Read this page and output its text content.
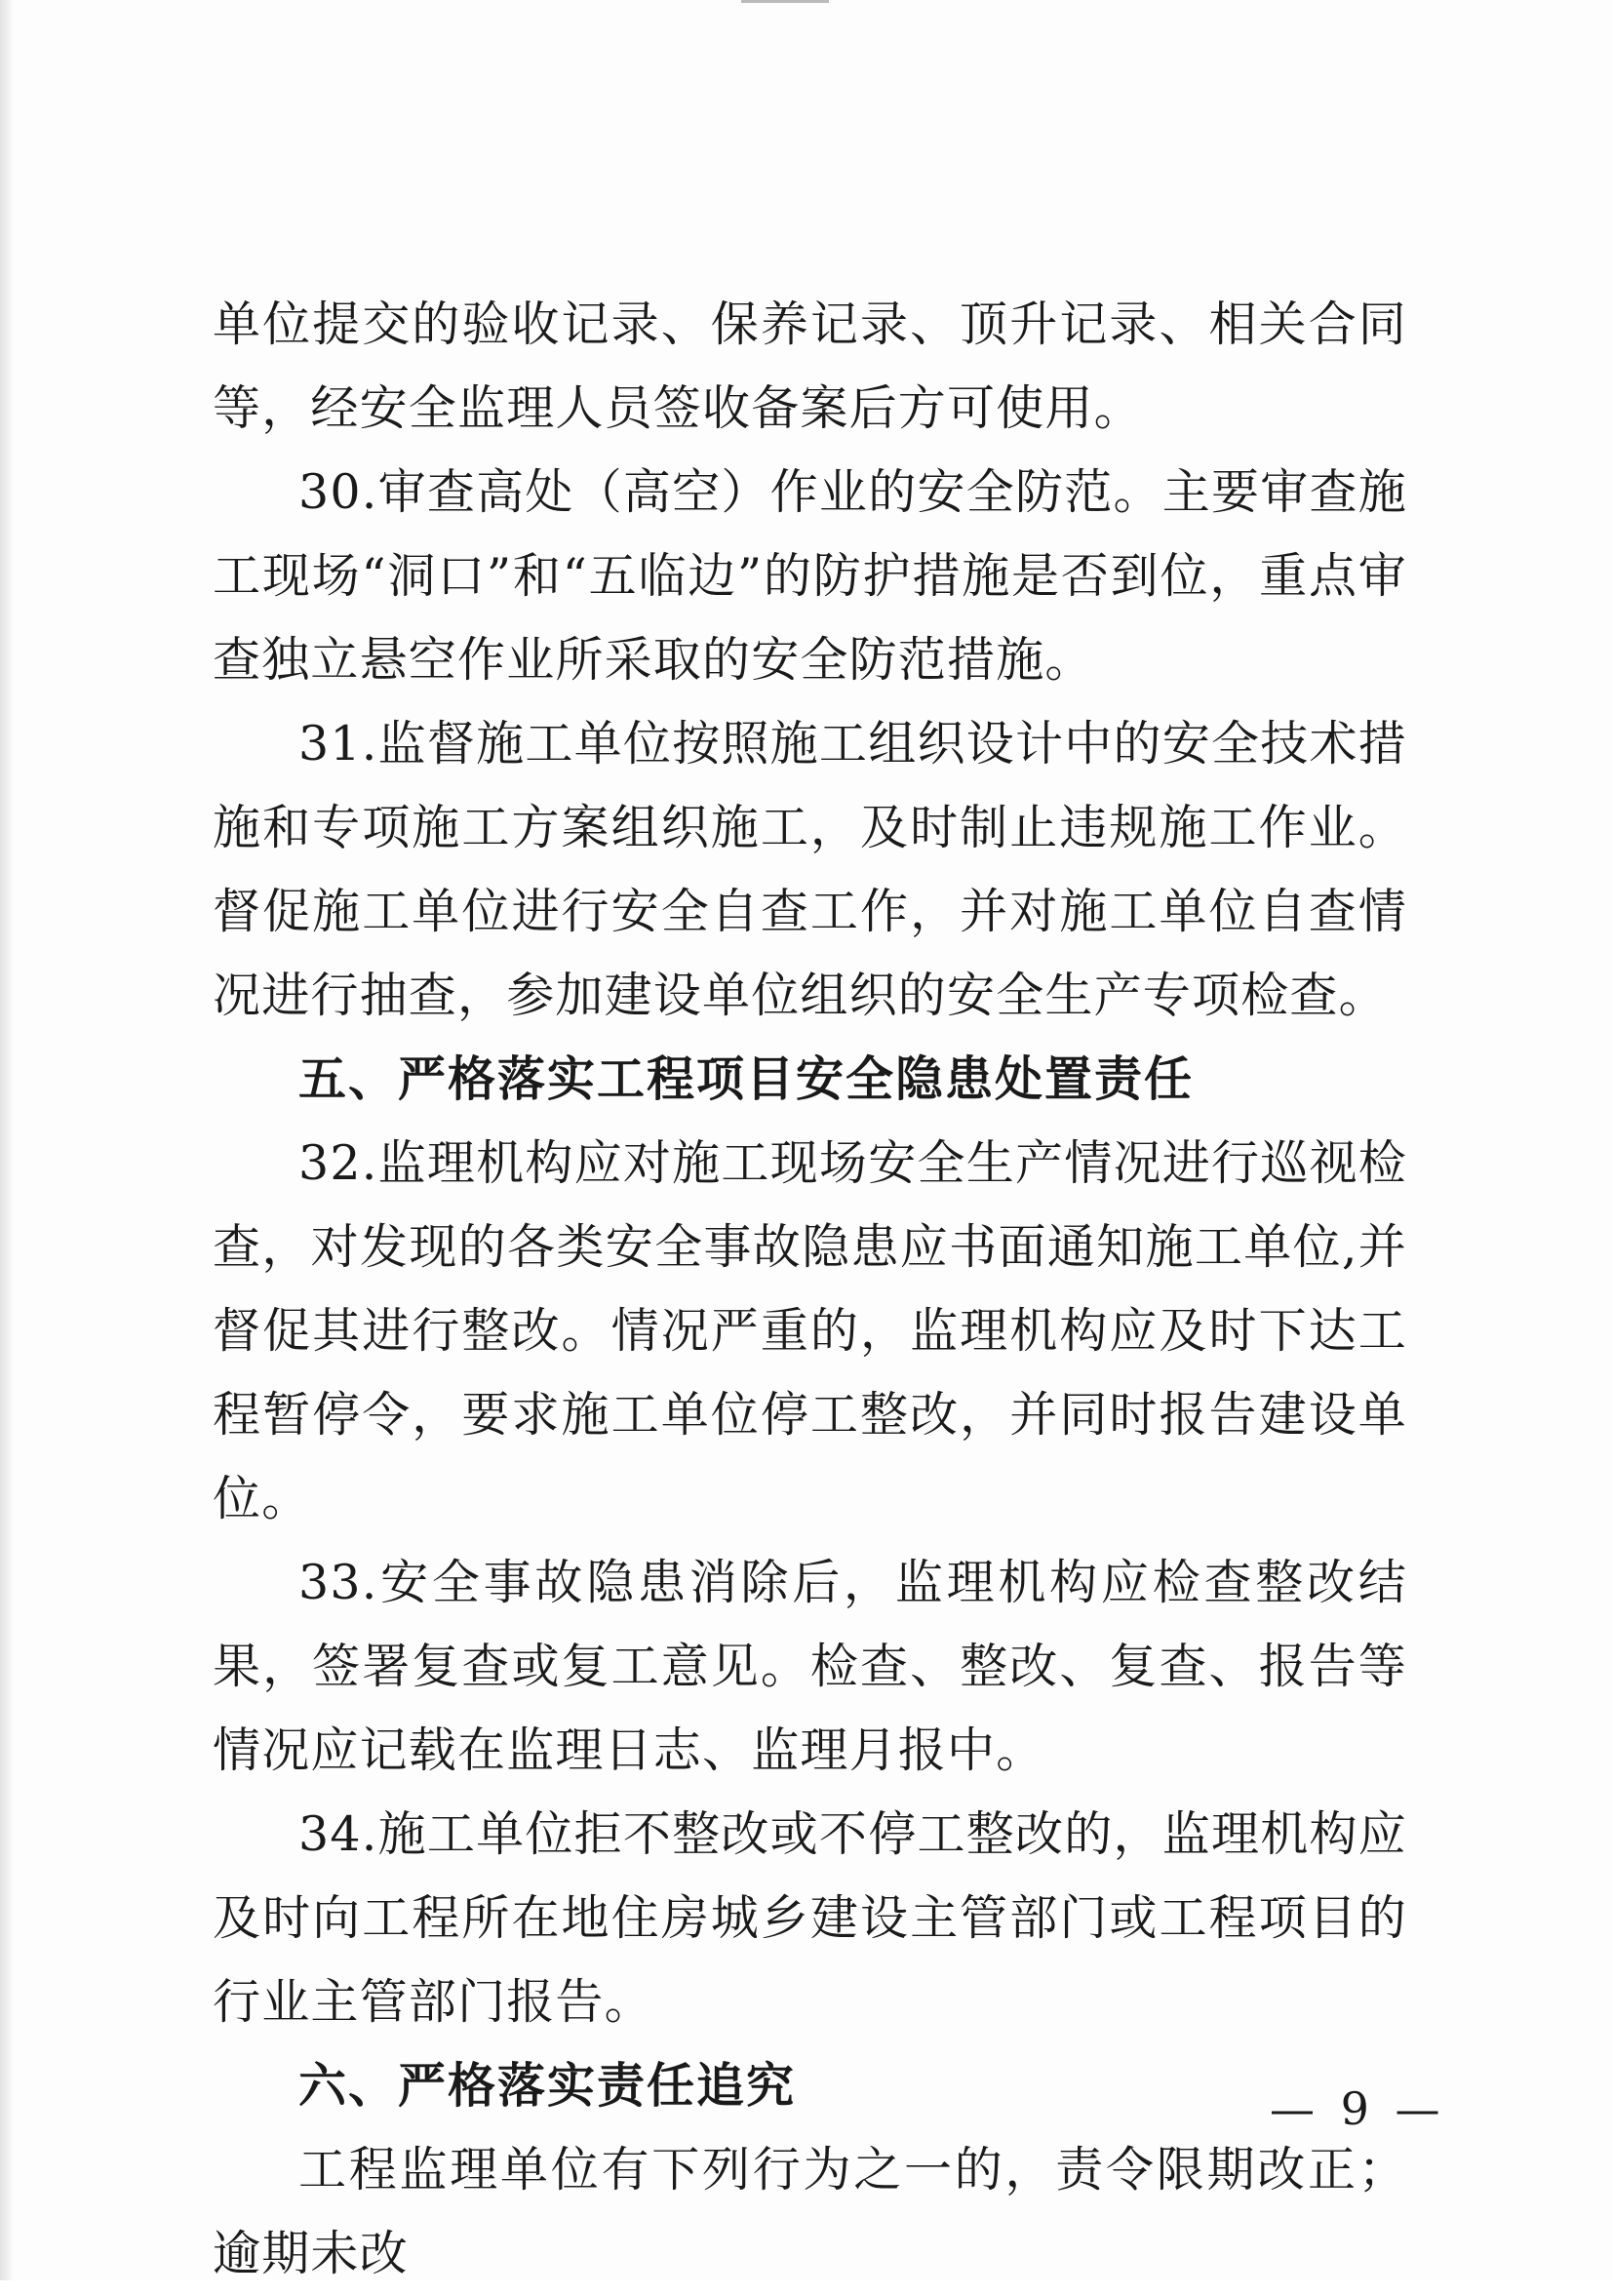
单位提交的验收记录、保养记录、顶升记录、相关合同等，经安全监理人员签收备案后方可使用。

30.审查高处（高空）作业的安全防范。主要审查施工现场“洞口”和“五临边”的防护措施是否到位，重点审查独立悬空作业所采取的安全防范措施。

31.监督施工单位按照施工组织设计中的安全技术措施和专项施工方案组织施工，及时制止违规施工作业。督促施工单位进行安全自查工作，并对施工单位自查情况进行抽查，参加建设单位组织的安全生产专项检查。

五、严格落实工程项目安全隐患处置责任

32.监理机构应对施工现场安全生产情况进行巡视检查，对发现的各类安全事故隐患应书面通知施工单位,并督促其进行整改。情况严重的，监理机构应及时下达工程暂停令，要求施工单位停工整改，并同时报告建设单位。

33.安全事故隐患消除后，监理机构应检查整改结果，签署复查或复工意见。检查、整改、复查、报告等情况应记载在监理日志、监理月报中。

34.施工单位拒不整改或不停工整改的，监理机构应及时向工程所在地住房城乡建设主管部门或工程项目的行业主管部门报告。

六、严格落实责任追究

工程监理单位有下列行为之一的，责令限期改正；逾期未改

— 9 —
